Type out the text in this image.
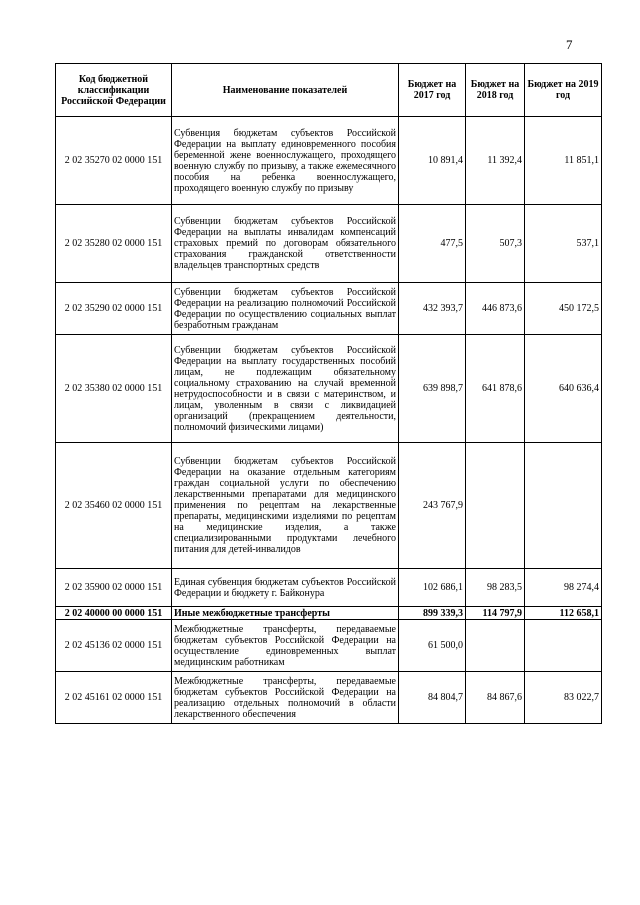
7
Код бюджетной классификации Российской Федерации	Наименование показателей	Бюджет на 2017 год	Бюджет на 2018 год	Бюджет на 2019 год
2 02 35270 02 0000 151	Субвенция бюджетам субъектов Российской Федерации на выплату единовременного пособия беременной жене военнослужащего, проходящего военную службу по призыву, а также ежемесячного пособия на ребенка военнослужащего, проходящего военную службу по призыву	10 891,4	11 392,4	11 851,1
2 02 35280 02 0000 151	Субвенции бюджетам субъектов Российской Федерации на выплаты инвалидам компенсаций страховых премий по договорам обязательного страхования гражданской ответственности владельцев транспортных средств	477,5	507,3	537,1
2 02 35290 02 0000 151	Субвенции бюджетам субъектов Российской Федерации на реализацию полномочий Российской Федерации по осуществлению социальных выплат безработным гражданам	432 393,7	446 873,6	450 172,5
2 02 35380 02 0000 151	Субвенции бюджетам субъектов Российской Федерации на выплату государственных пособий лицам, не подлежащим обязательному социальному страхованию на случай временной нетрудоспособности и в связи с материнством, и лицам, уволенным в связи с ликвидацией организаций (прекращением деятельности, полномочий физическими лицами)	639 898,7	641 878,6	640 636,4
2 02 35460 02 0000 151	Субвенции бюджетам субъектов Российской Федерации на оказание отдельным категориям граждан социальной услуги по обеспечению лекарственными препаратами для медицинского применения по рецептам на лекарственные препараты, медицинскими изделиями по рецептам на медицинские изделия, а также специализированными продуктами лечебного питания для детей-инвалидов	243 767,9		
2 02 35900 02 0000 151	Единая субвенция бюджетам субъектов Российской Федерации и бюджету г. Байконура	102 686,1	98 283,5	98 274,4
2 02 40000 00 0000 151	Иные межбюджетные трансферты	899 339,3	114 797,9	112 658,1
2 02 45136 02 0000 151	Межбюджетные трансферты, передаваемые бюджетам субъектов Российской Федерации на осуществление единовременных выплат медицинским работникам	61 500,0		
2 02 45161 02 0000 151	Межбюджетные трансферты, передаваемые бюджетам субъектов Российской Федерации на реализацию отдельных полномочий в области лекарственного обеспечения	84 804,7	84 867,6	83 022,7
